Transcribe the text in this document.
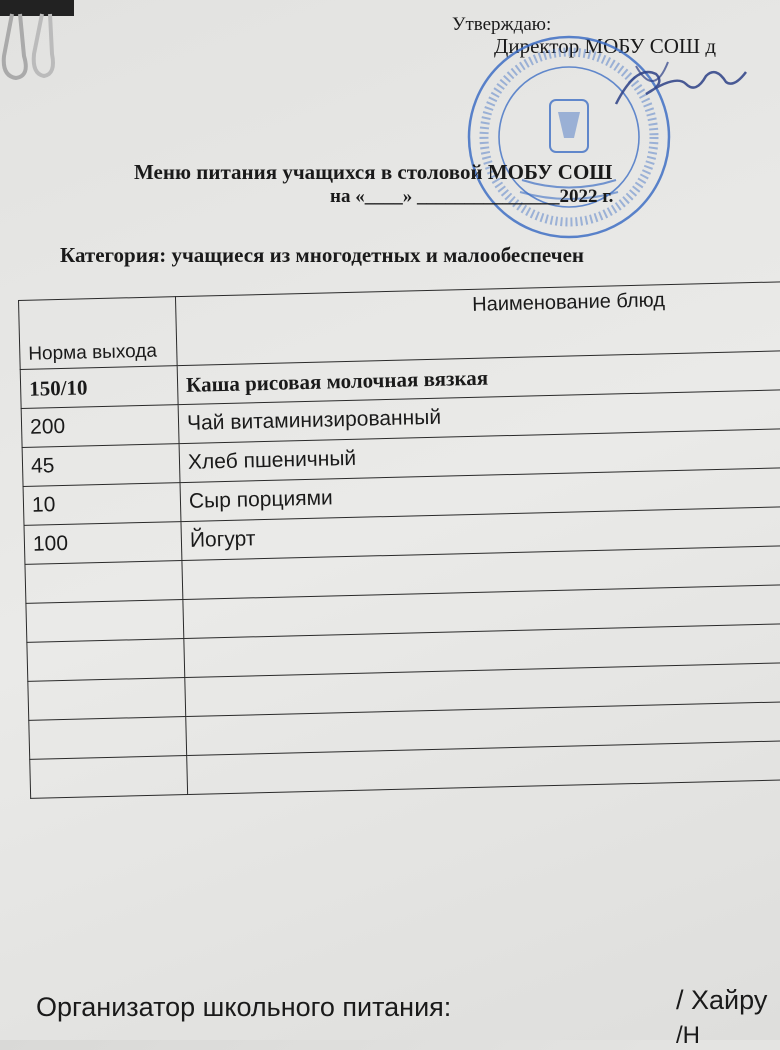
Утверждаю:
Директор МОБУ СОШ д
Меню питания учащихся в столовой МОБУ СОШ
на «____» _______________2022 г.
Категория: учащиеся из многодетных и малообеспечен
Норма выхода	Наименование блюд
150/10	Каша рисовая молочная вязкая
200	Чай витаминизированный
45	Хлеб пшеничный
10	Сыр порциями
100	Йогурт

Организатор школьного питания:	/ Хайру
/Н
